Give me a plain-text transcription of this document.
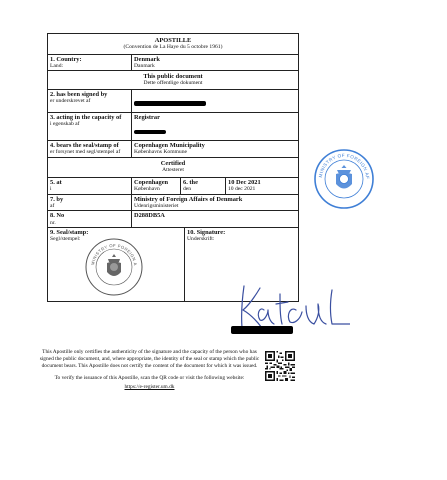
APOSTILLE
(Convention de La Haye du 5 octobre 1961)
1. Country:
Land:
Denmark
Danmark
This public document
Dette offentlige dokument
2. has been signed by
er underskrevet af
3. acting in the capacity of
i egenskab af
Registrar
4. bears the seal/stamp of
er forsynet med segl/stempel af
Copenhagen Municipality
Københavns Kommune
Certified
Attesteret
5. at
i
Copenhagen
København
6. the
den
10 Dec 2021
10 dec 2021
7. by
af
Ministry of Foreign Affairs of Denmark
Udenrigsministeriet
8. No
nr.
D288DB5A
9. Seal/stamp:
Segl/stempel:
MINISTRY OF FOREIGN A
10. Signature:
Underskrift:
MINISTRY OF FOREIGN AF

This Apostille only certifies the authenticity of the signature and the capacity of the person who has signed the public document, and, where appropriate, the identity of the seal or stamp which the public document bears. This Apostille does not certify the content of the document for which it was issued.

To verify the issuance of this Apostille, scan the QR code or visit the following website:

https://e-register.um.dk
